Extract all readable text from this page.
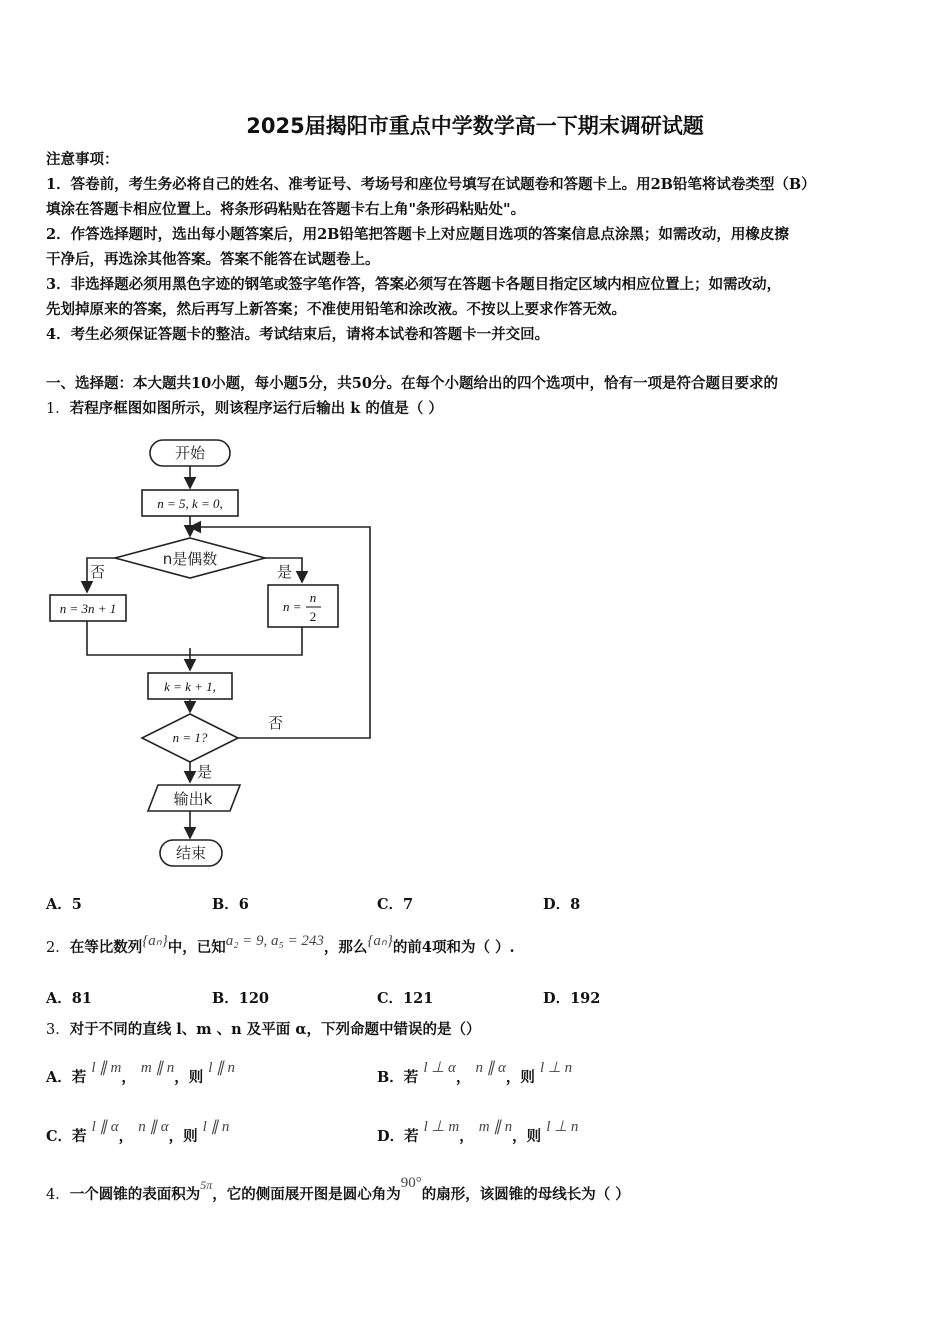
2025届揭阳市重点中学数学高一下期末调研试题
注意事项：
1．答卷前，考生务必将自己的姓名、准考证号、考场号和座位号填写在试题卷和答题卡上。用2B铅笔将试卷类型（B）
填涂在答题卡相应位置上。将条形码粘贴在答题卡右上角"条形码粘贴处"。
2．作答选择题时，选出每小题答案后，用2B铅笔把答题卡上对应题目选项的答案信息点涂黑；如需改动，用橡皮擦
干净后，再选涂其他答案。答案不能答在试题卷上。
3．非选择题必须用黑色字迹的钢笔或签字笔作答，答案必须写在答题卡各题目指定区域内相应位置上；如需改动，
先划掉原来的答案，然后再写上新答案；不准使用铅笔和涂改液。不按以上要求作答无效。
4．考生必须保证答题卡的整洁。考试结束后，请将本试卷和答题卡一并交回。
一、选择题：本大题共10小题，每小题5分，共50分。在每个小题给出的四个选项中，恰有一项是符合题目要求的
1．若程序框图如图所示，则该程序运行后输出 k 的值是（ ）
开始
n = 5, k = 0,
n是偶数
否	是
n = 3n + 1	n =
n
2
k = k + 1,
n = 1?
否
是
输出k
结束
A．5	B．6	C．7	D．8
2．在等比数列{aₙ}中，已知a₂ = 9, a₅ = 243，那么{aₙ}的前4项和为（ ）.
A．81	B．120	C．121	D．192
3．对于不同的直线 l、m 、n 及平面 α，下列命题中错误的是（）
A．若 l ∥ m， m ∥ n，则 l ∥ n
B．若 l ⊥ α， n ∥ α，则 l ⊥ n
C．若 l ∥ α， n ∥ α，则 l ∥ n
D．若 l ⊥ m， m ∥ n，则 l ⊥ n
4．一个圆锥的表面积为$^{5\pi}$，它的侧面展开图是圆心角为90°的扇形，该圆锥的母线长为（ ）
